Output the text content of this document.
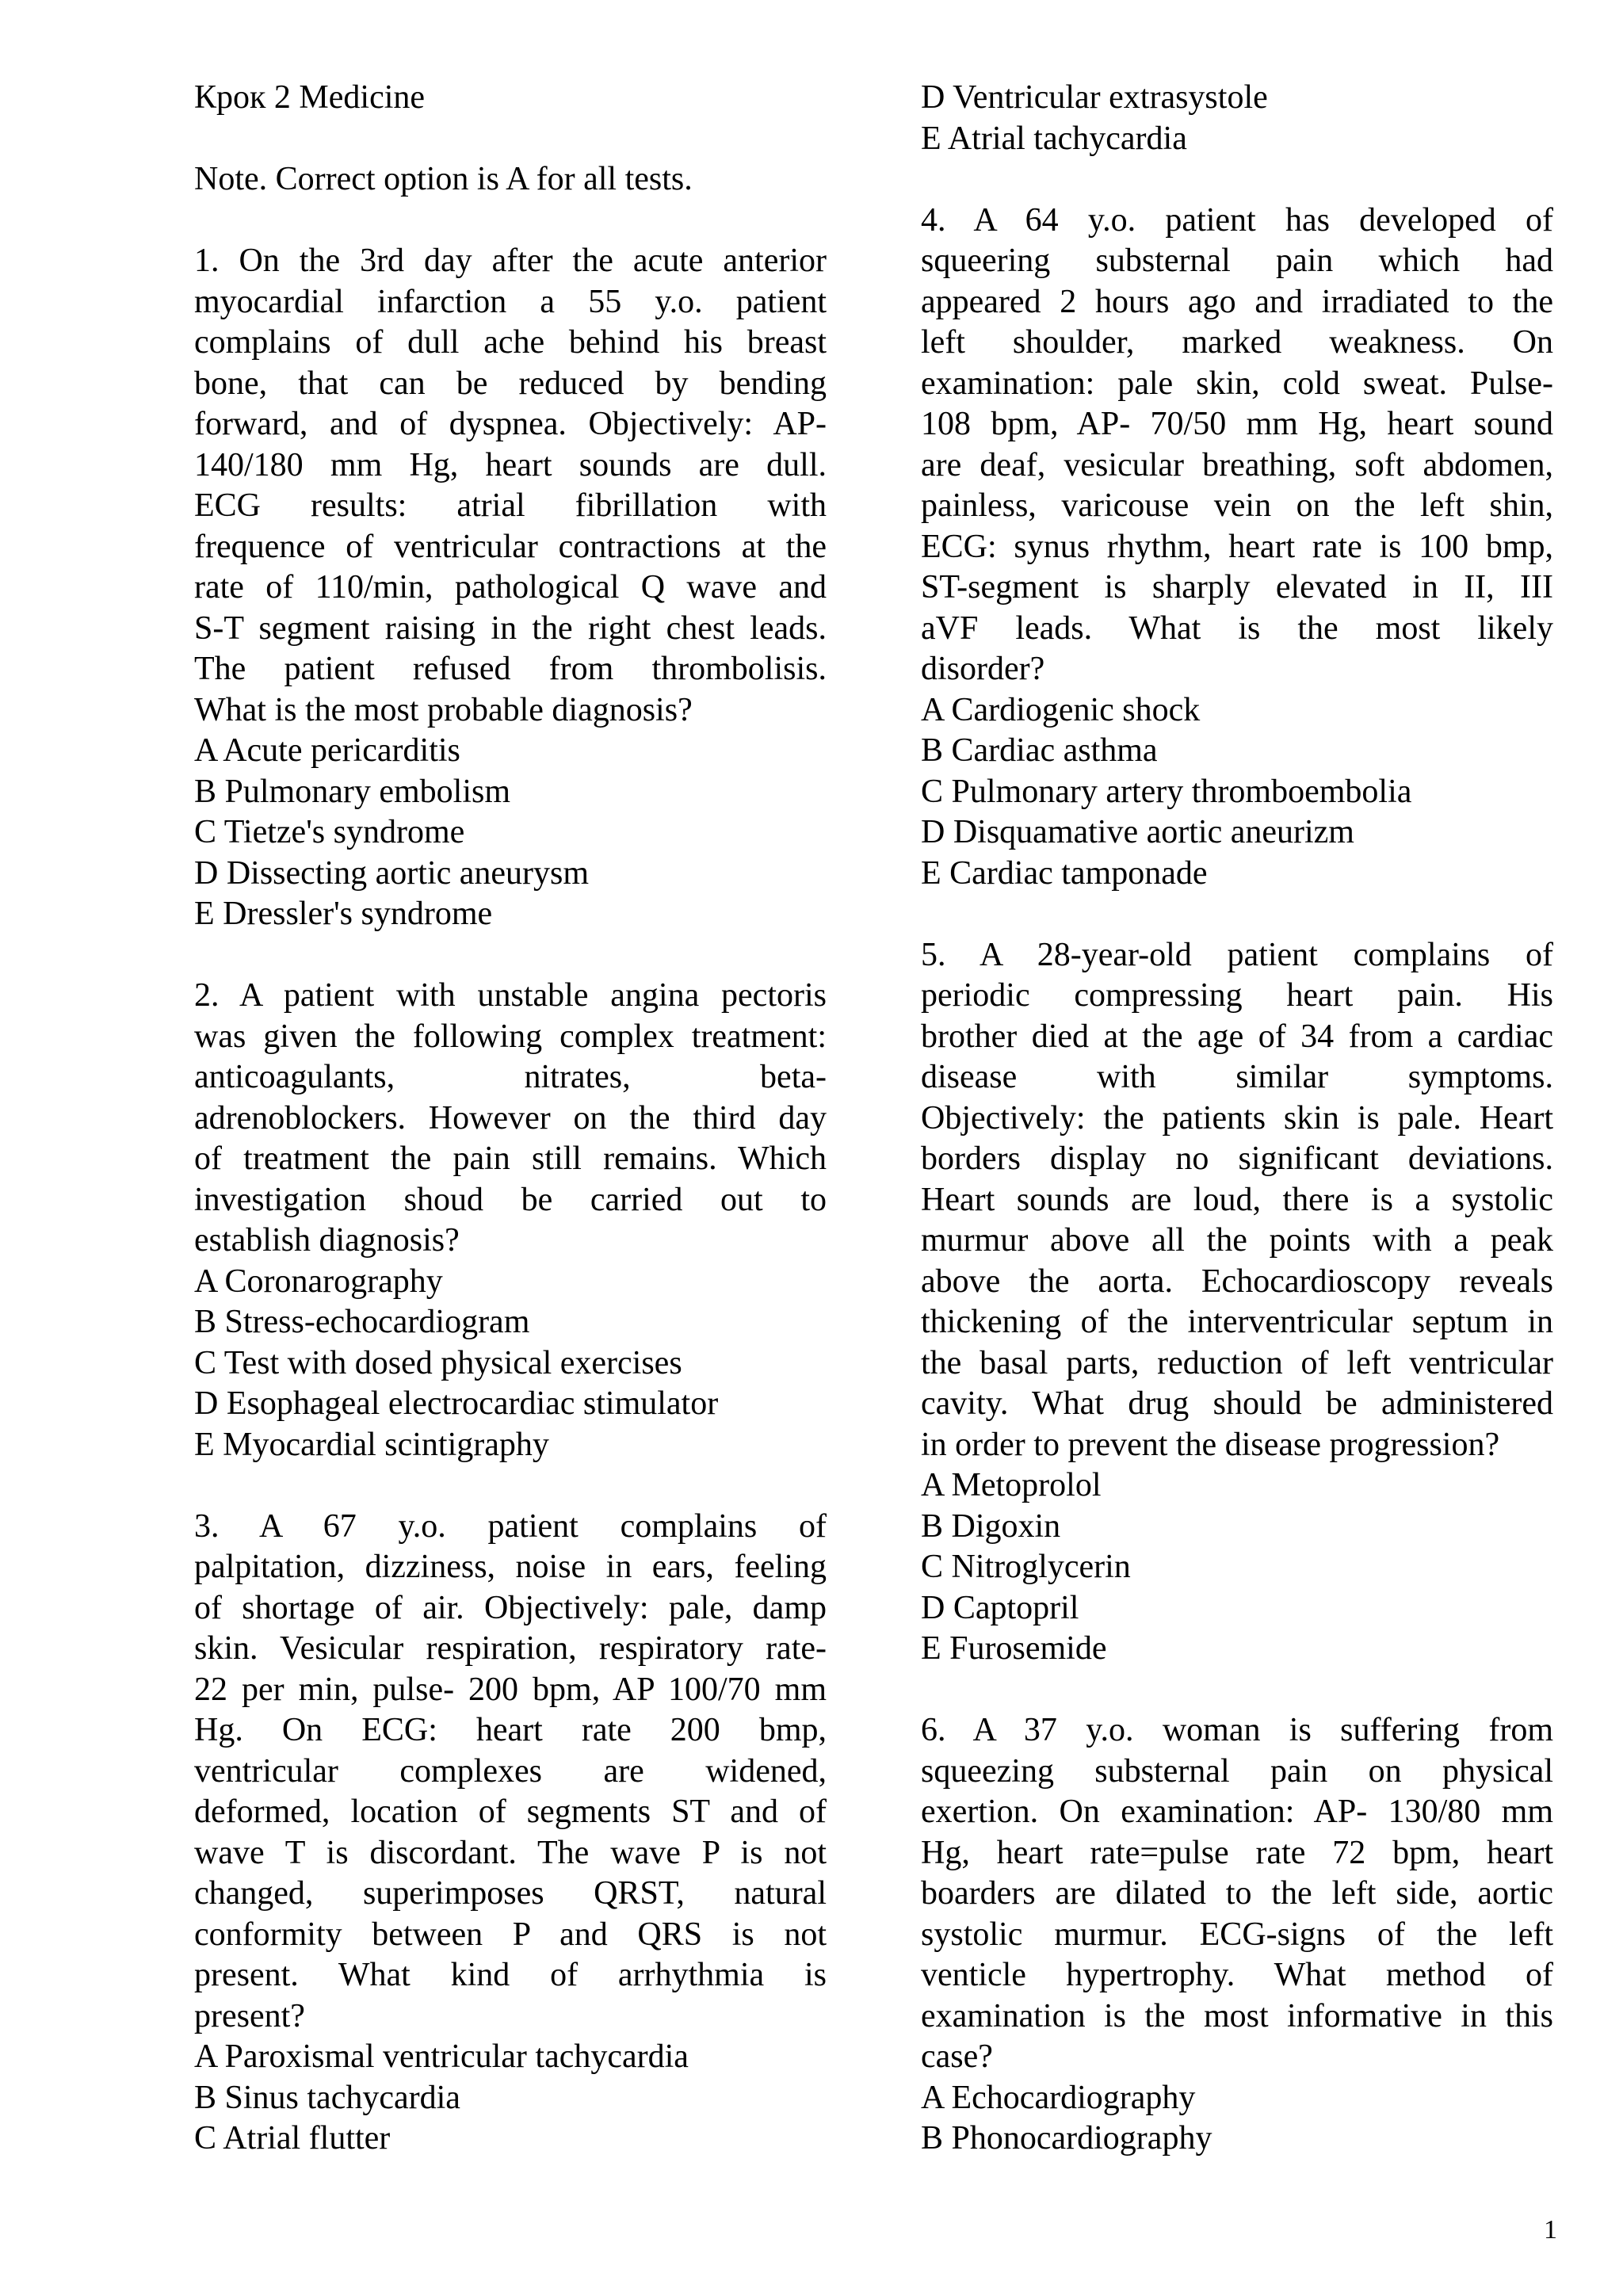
Крок 2 Medicine
Note. Correct option is A for all tests.
1. On the 3rd day after the acute anterior
myocardial infarction a 55 y.o. patient
complains of dull ache behind his breast
bone, that can be reduced by bending
forward, and of dyspnea. Objectively: AP-
140/180 mm Hg, heart sounds are dull.
ECG results: atrial fibrillation with
frequence of ventricular contractions at the
rate of 110/min, pathological Q wave and
S-T segment raising in the right chest leads.
The patient refused from thrombolisis.
What is the most probable diagnosis?
A Acute pericarditis
B Pulmonary embolism
C Tietze's syndrome
D Dissecting aortic aneurysm
E Dressler's syndrome
2. A patient with unstable angina pectoris
was given the following complex treatment:
anticoagulants, nitrates, beta-
adrenoblockers. However on the third day
of treatment the pain still remains. Which
investigation shoud be carried out to
establish diagnosis?
A Coronarography
B Stress-echocardiogram
C Test with dosed physical exercises
D Esophageal electrocardiac stimulator
E Myocardial scintigraphy
3. A 67 y.o. patient complains of
palpitation, dizziness, noise in ears, feeling
of shortage of air. Objectively: pale, damp
skin. Vesicular respiration, respiratory rate-
22 per min, pulse- 200 bpm, AP 100/70 mm
Hg. On ECG: heart rate 200 bmp,
ventricular complexes are widened,
deformed, location of segments ST and of
wave T is discordant. The wave P is not
changed, superimposes QRST, natural
conformity between P and QRS is not
present. What kind of arrhythmia is
present?
A Paroxismal ventricular tachycardia
B Sinus tachycardia
C Atrial flutter
D Ventricular extrasystole
E Atrial tachycardia
4. A 64 y.o. patient has developed of
squeering substernal pain which had
appeared 2 hours ago and irradiated to the
left shoulder, marked weakness. On
examination: pale skin, cold sweat. Pulse-
108 bpm, AP- 70/50 mm Hg, heart sound
are deaf, vesicular breathing, soft abdomen,
painless, varicouse vein on the left shin,
ECG: synus rhythm, heart rate is 100 bmp,
ST-segment is sharply elevated in II, III
aVF leads. What is the most likely
disorder?
A Cardiogenic shock
B Cardiac asthma
C Pulmonary artery thromboembolia
D Disquamative aortic aneurizm
E Cardiac tamponade
5. A 28-year-old patient complains of
periodic compressing heart pain. His
brother died at the age of 34 from a cardiac
disease with similar symptoms.
Objectively: the patients skin is pale. Heart
borders display no significant deviations.
Heart sounds are loud, there is a systolic
murmur above all the points with a peak
above the aorta. Echocardioscopy reveals
thickening of the interventricular septum in
the basal parts, reduction of left ventricular
cavity. What drug should be administered
in order to prevent the disease progression?
A Metoprolol
B Digoxin
C Nitroglycerin
D Captopril
E Furosemide
6. A 37 y.o. woman is suffering from
squeezing substernal pain on physical
exertion. On examination: AP- 130/80 mm
Hg, heart rate=pulse rate 72 bpm, heart
boarders are dilated to the left side, aortic
systolic murmur. ECG-signs of the left
venticle hypertrophy. What method of
examination is the most informative in this
case?
A Echocardiography
B Phonocardiography
1
